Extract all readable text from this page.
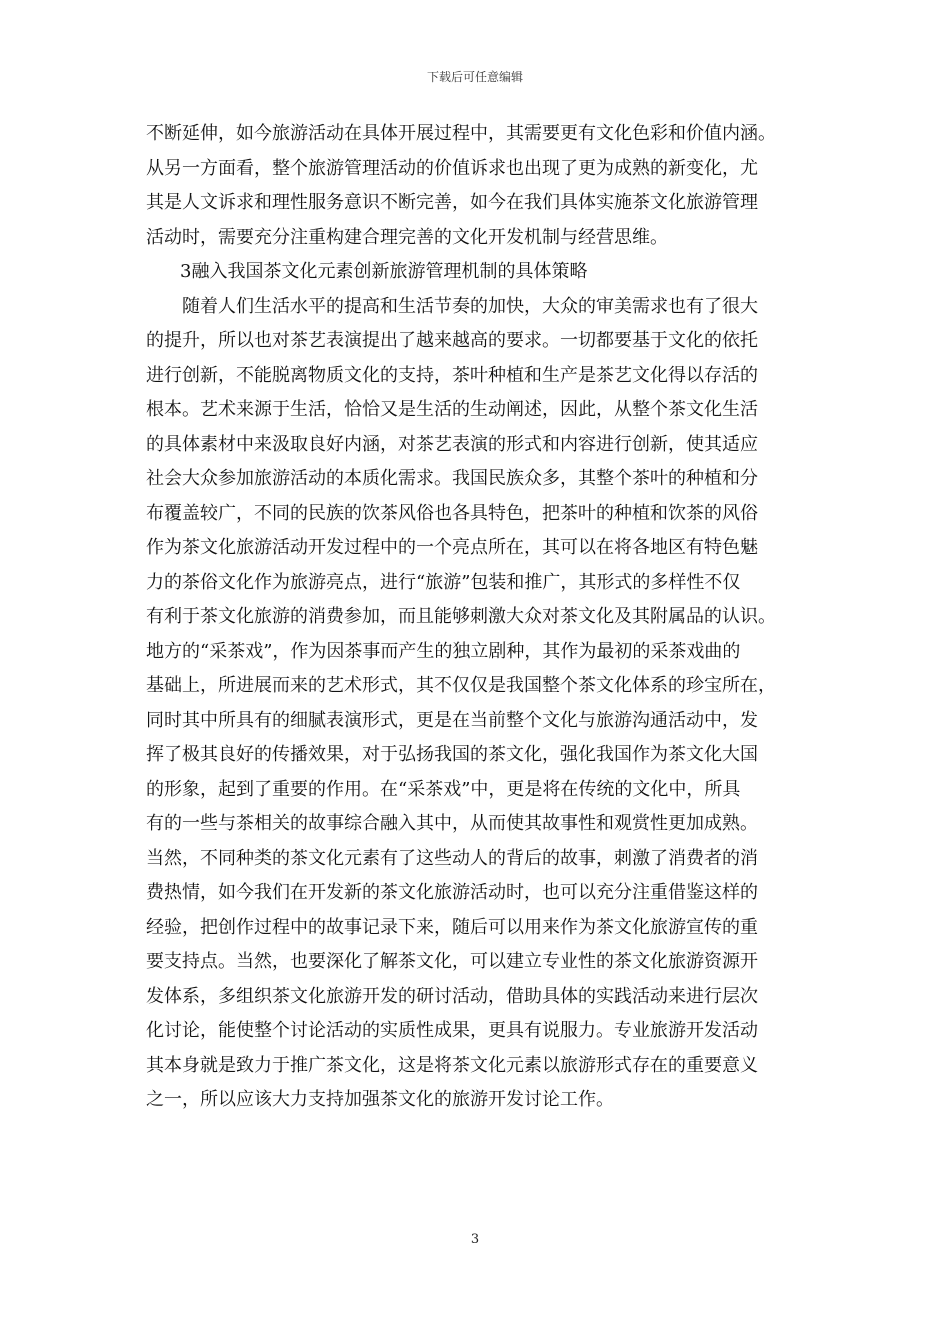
下载后可任意编辑

不断延伸，如今旅游活动在具体开展过程中，其需要更有文化色彩和价值内涵。
从另一方面看，整个旅游管理活动的价值诉求也出现了更为成熟的新变化，尤
其是人文诉求和理性服务意识不断完善，如今在我们具体实施茶文化旅游管理
活动时，需要充分注重构建合理完善的文化开发机制与经营思维。

3融入我国茶文化元素创新旅游管理机制的具体策略

随着人们生活水平的提高和生活节奏的加快，大众的审美需求也有了很大
的提升，所以也对茶艺表演提出了越来越高的要求。一切都要基于文化的依托
进行创新，不能脱离物质文化的支持，茶叶种植和生产是茶艺文化得以存活的
根本。艺术来源于生活，恰恰又是生活的生动阐述，因此，从整个茶文化生活
的具体素材中来汲取良好内涵，对茶艺表演的形式和内容进行创新，使其适应
社会大众参加旅游活动的本质化需求。我国民族众多，其整个茶叶的种植和分
布覆盖较广，不同的民族的饮茶风俗也各具特色，把茶叶的种植和饮茶的风俗
作为茶文化旅游活动开发过程中的一个亮点所在，其可以在将各地区有特色魅
力的茶俗文化作为旅游亮点，进行“旅游”包装和推广，其形式的多样性不仅
有利于茶文化旅游的消费参加，而且能够刺激大众对茶文化及其附属品的认识。
地方的“采茶戏”，作为因茶事而产生的独立剧种，其作为最初的采茶戏曲的
基础上，所进展而来的艺术形式，其不仅仅是我国整个茶文化体系的珍宝所在，
同时其中所具有的细腻表演形式，更是在当前整个文化与旅游沟通活动中，发
挥了极其良好的传播效果，对于弘扬我国的茶文化，强化我国作为茶文化大国
的形象，起到了重要的作用。在“采茶戏”中，更是将在传统的文化中，所具
有的一些与茶相关的故事综合融入其中，从而使其故事性和观赏性更加成熟。
当然，不同种类的茶文化元素有了这些动人的背后的故事，刺激了消费者的消
费热情，如今我们在开发新的茶文化旅游活动时，也可以充分注重借鉴这样的
经验，把创作过程中的故事记录下来，随后可以用来作为茶文化旅游宣传的重
要支持点。当然，也要深化了解茶文化，可以建立专业性的茶文化旅游资源开
发体系，多组织茶文化旅游开发的研讨活动，借助具体的实践活动来进行层次
化讨论，能使整个讨论活动的实质性成果，更具有说服力。专业旅游开发活动
其本身就是致力于推广茶文化，这是将茶文化元素以旅游形式存在的重要意义
之一，所以应该大力支持加强茶文化的旅游开发讨论工作。

3
